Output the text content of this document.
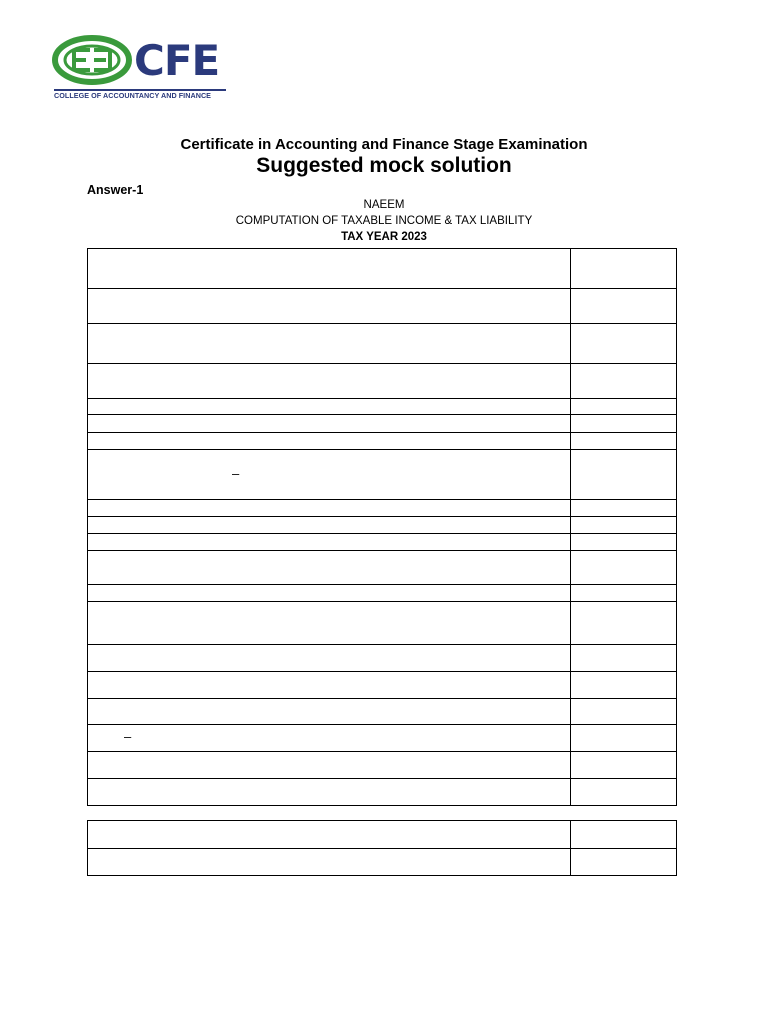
CFE
COLLEGE OF ACCOUNTANCY AND FINANCE
Certificate in Accounting and Finance Stage Examination
Suggested mock solution
Answer-1
NAEEM
COMPUTATION OF TAXABLE INCOME & TAX LIABILITY
TAX YEAR 2023

–	

–	
